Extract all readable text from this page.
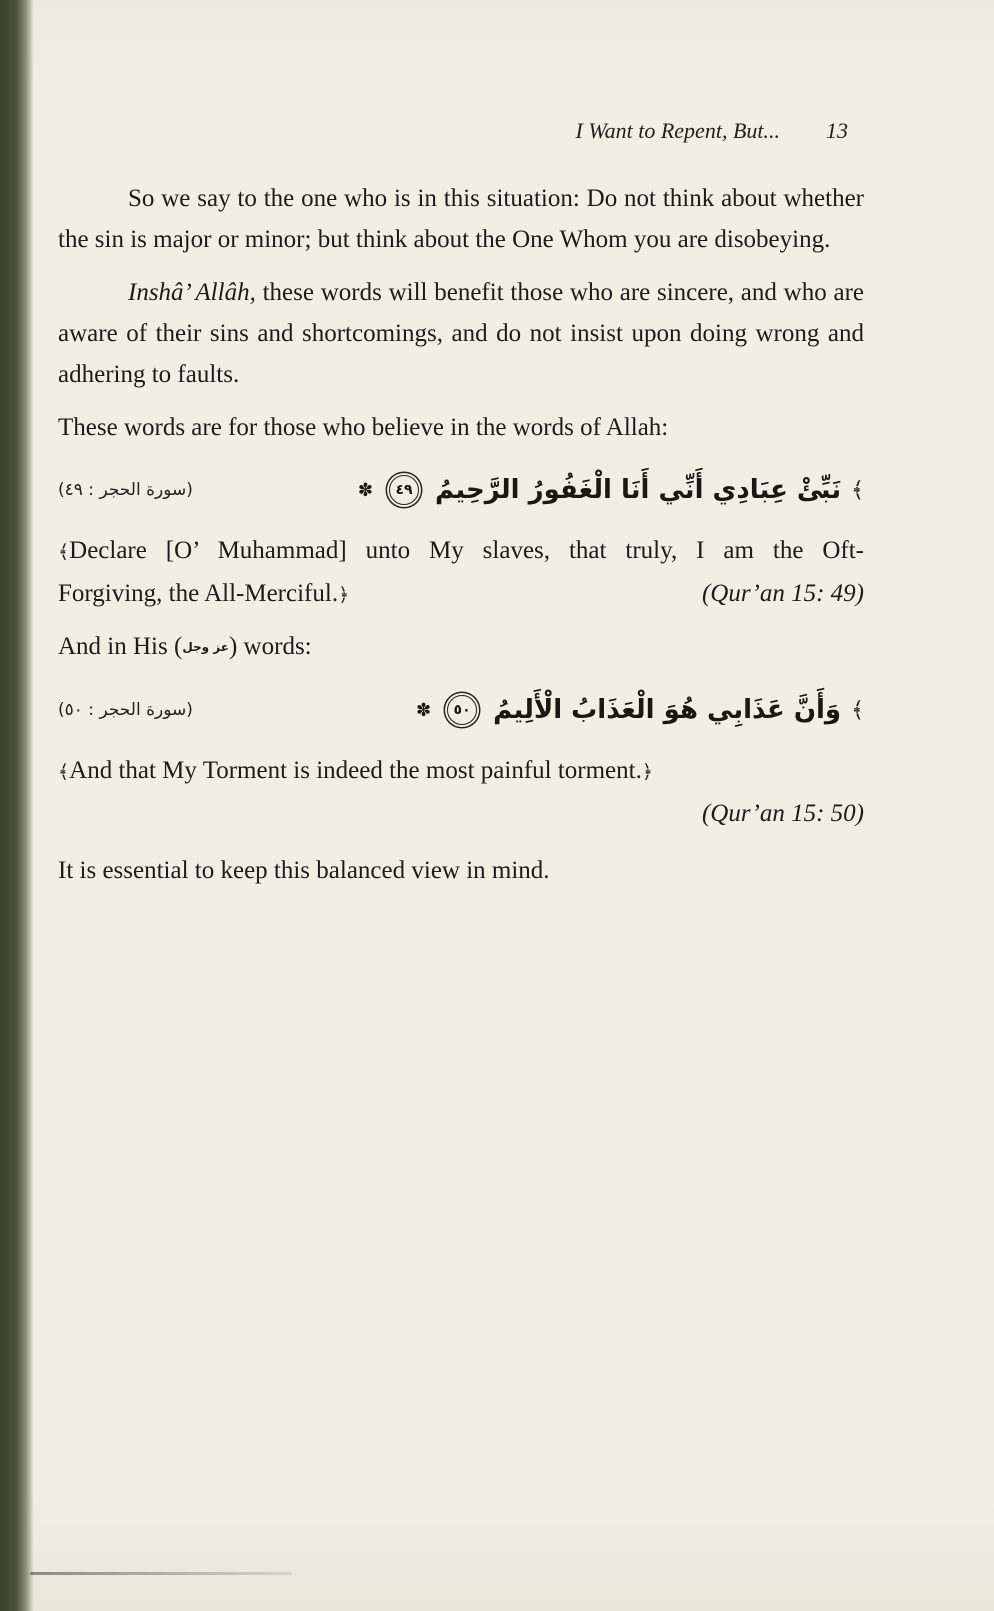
I Want to Repent, But... 13

So we say to the one who is in this situation: Do not think about whether the sin is major or minor; but think about the One Whom you are disobeying.

Inshâ’ Allâh, these words will benefit those who are sincere, and who are aware of their sins and shortcomings, and do not insist upon doing wrong and adhering to faults.

These words are for those who believe in the words of Allah:

(سورة الحجر : ٤٩)	﴾
نَبِّئْ عِبَادِي أَنِّي أَنَا الْغَفُورُ الرَّحِيمُ
٤٩
✽

﴾Declare [O’ Muhammad] unto My slaves, that truly, I am the Oft-

Forgiving, the All-Merciful.﴿	(Qur’an 15: 49)

And in His (عز وجل) words:

(سورة الحجر : ٥٠)	﴾
وَأَنَّ عَذَابِي هُوَ الْعَذَابُ الْأَلِيمُ
٥٠
✽

﴾And that My Torment is indeed the most painful torment.﴿

(Qur’an 15: 50)

It is essential to keep this balanced view in mind.
